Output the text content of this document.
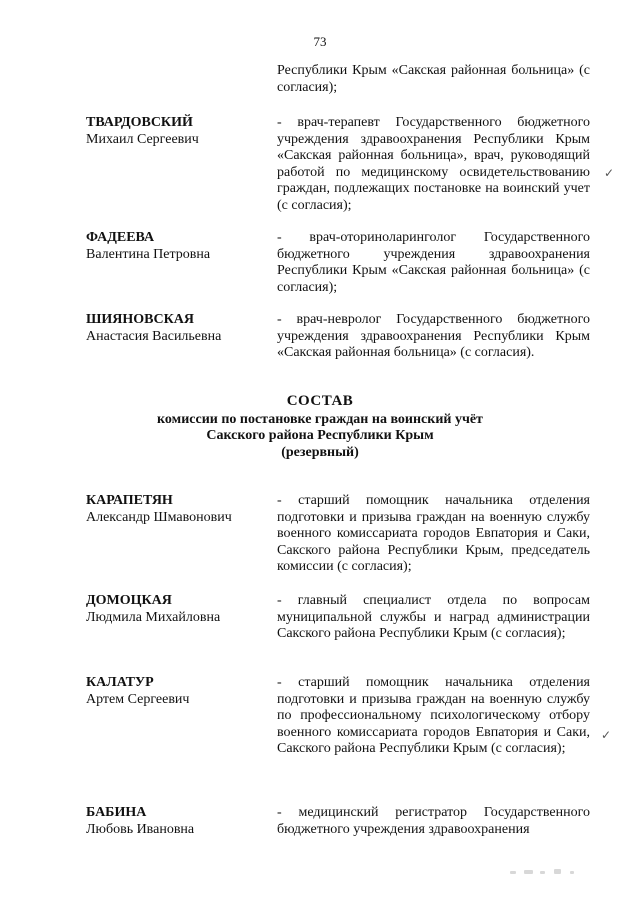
73
Республики Крым «Сакская районная больница» (с согласия);
ТВАРДОВСКИЙ
Михаил Сергеевич
- врач-терапевт Государственного бюджетного учреждения здравоохранения Республики Крым «Сакская районная больница», врач, руководящий работой по медицинскому освидетельствованию граждан, подлежащих постановке на воинский учет (с согласия);
ФАДЕЕВА
Валентина Петровна
- врач-оториноларинголог Государственного бюджетного учреждения здравоохранения Республики Крым «Сакская районная больница» (с согласия);
ШИЯНОВСКАЯ
Анастасия Васильевна
- врач-невролог Государственного бюджетного учреждения здравоохранения Республики Крым «Сакская районная больница» (с согласия).
СОСТАВ
комиссии по постановке граждан на воинский учёт
Сакского района Республики Крым
(резервный)
КАРАПЕТЯН
Александр Шмавонович
- старший помощник начальника отделения подготовки и призыва граждан на военную службу военного комиссариата городов Евпатория и Саки, Сакского района Республики Крым, председатель комиссии (с согласия);
ДОМОЦКАЯ
Людмила Михайловна
- главный специалист отдела по вопросам муниципальной службы и наград администрации Сакского района Республики Крым (с согласия);
КАЛАТУР
Артем Сергеевич
- старший помощник начальника отделения подготовки и призыва граждан на военную службу по профессиональному психологическому отбору военного комиссариата городов Евпатория и Саки, Сакского района Республики Крым (с согласия);
БАБИНА
Любовь Ивановна
- медицинский регистратор Государственного бюджетного учреждения здравоохранения
✓
✓
